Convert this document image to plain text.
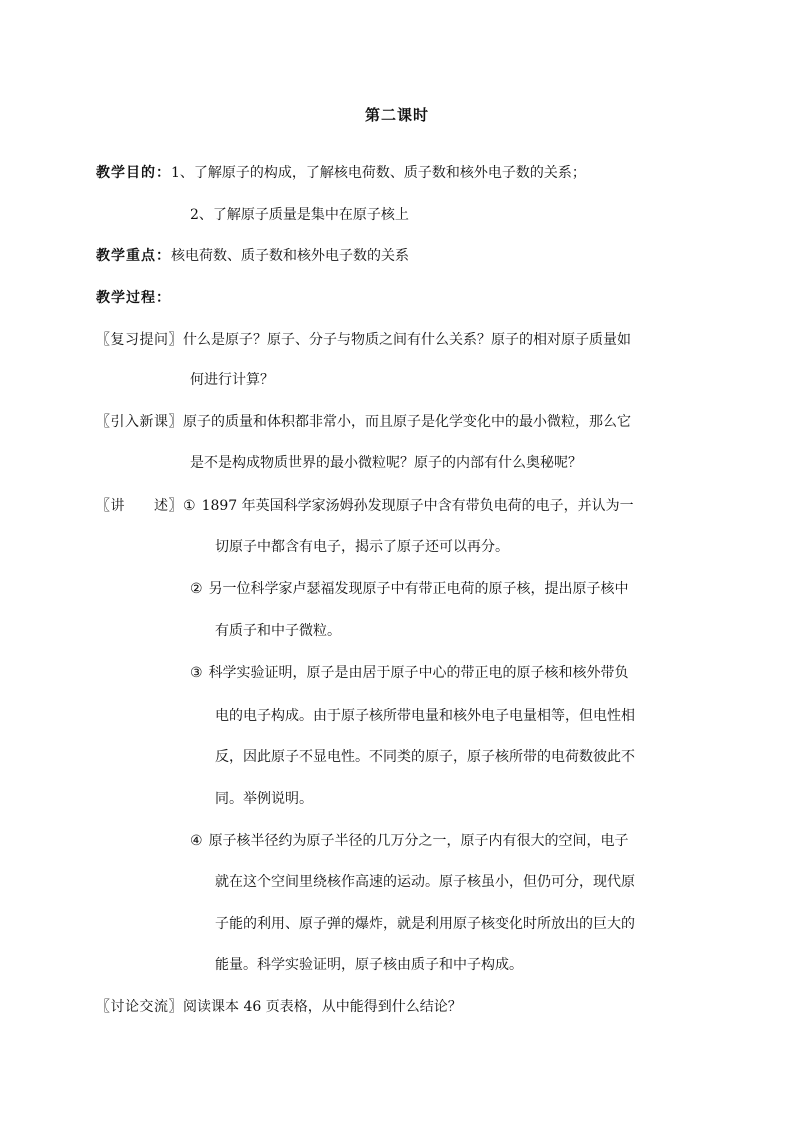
第二课时
教学目的：1、了解原子的构成，了解核电荷数、质子数和核外电子数的关系；
2、了解原子质量是集中在原子核上
教学重点：核电荷数、质子数和核外电子数的关系
教学过程：
〖复习提问〗什么是原子？原子、分子与物质之间有什么关系？原子的相对原子质量如
何进行计算？
〖引入新课〗原子的质量和体积都非常小，而且原子是化学变化中的最小微粒，那么它
是不是构成物质世界的最小微粒呢？原子的内部有什么奥秘呢？
〖讲　　述〗① 1897 年英国科学家汤姆孙发现原子中含有带负电荷的电子，并认为一
切原子中都含有电子，揭示了原子还可以再分。
② 另一位科学家卢瑟福发现原子中有带正电荷的原子核，提出原子核中
有质子和中子微粒。
③ 科学实验证明，原子是由居于原子中心的带正电的原子核和核外带负
电的电子构成。由于原子核所带电量和核外电子电量相等，但电性相
反，因此原子不显电性。不同类的原子，原子核所带的电荷数彼此不
同。举例说明。
④ 原子核半径约为原子半径的几万分之一，原子内有很大的空间，电子
就在这个空间里绕核作高速的运动。原子核虽小，但仍可分，现代原
子能的利用、原子弹的爆炸，就是利用原子核变化时所放出的巨大的
能量。科学实验证明，原子核由质子和中子构成。
〖讨论交流〗阅读课本 46 页表格，从中能得到什么结论？
